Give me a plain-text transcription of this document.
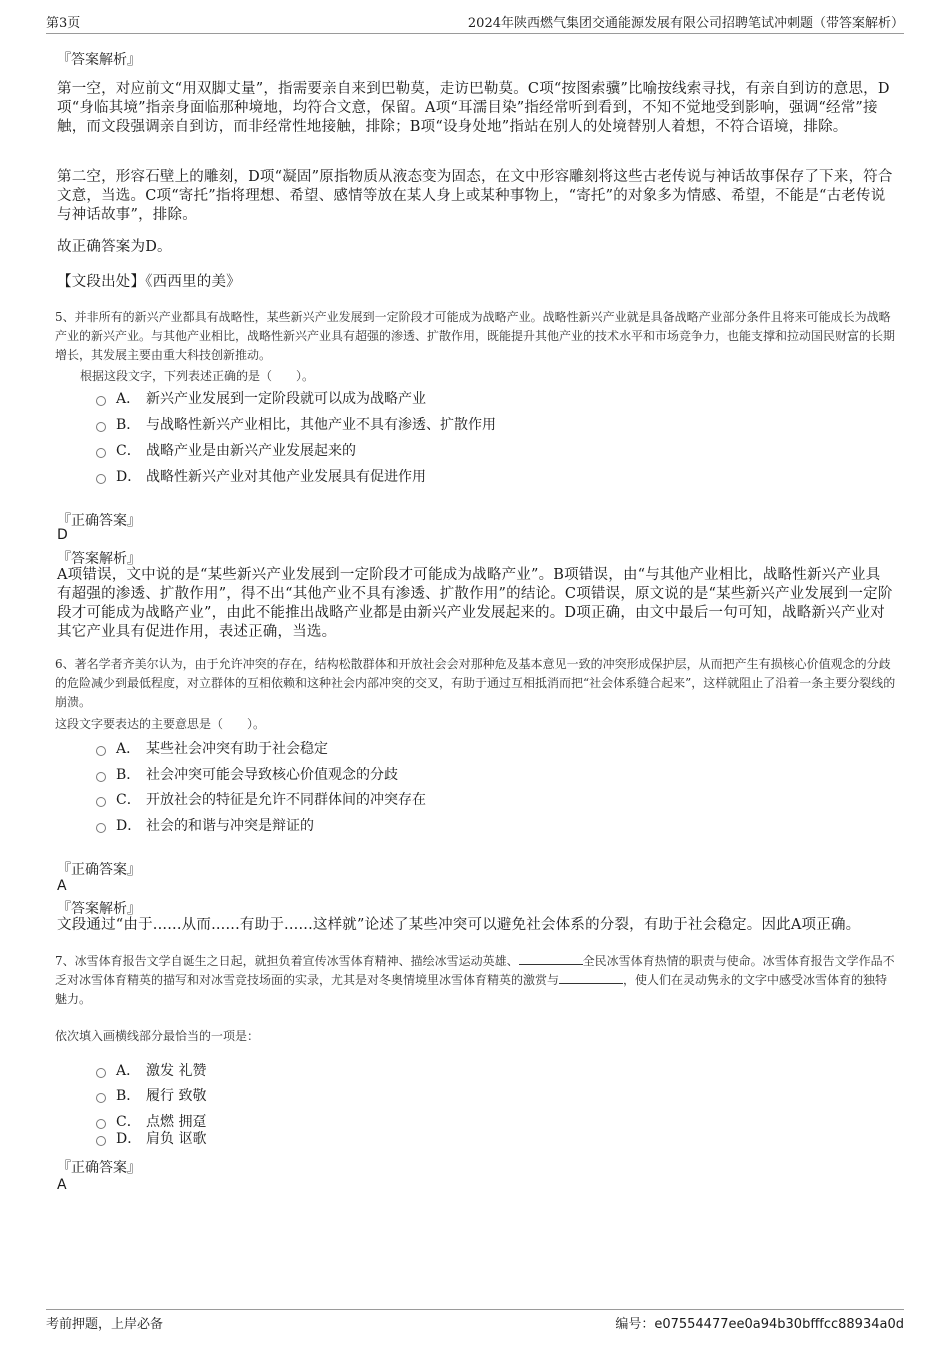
第3页	2024年陕西燃气集团交通能源发展有限公司招聘笔试冲刺题（带答案解析）
『答案解析』

第一空，对应前文“用双脚丈量”，指需要亲自来到巴勒莫，走访巴勒莫。C项“按图索骥”比喻按线索寻找，有亲自到访的意思，D项“身临其境”指亲身面临那种境地，均符合文意，保留。A项“耳濡目染”指经常听到看到，不知不觉地受到影响，强调“经常”接触，而文段强调亲自到访，而非经常性地接触，排除；B项“设身处地”指站在别人的处境替别人着想，不符合语境，排除。

第二空，形容石壁上的雕刻，D项“凝固”原指物质从液态变为固态，在文中形容雕刻将这些古老传说与神话故事保存了下来，符合文意，当选。C项“寄托”指将理想、希望、感情等放在某人身上或某种事物上，“寄托”的对象多为情感、希望，不能是“古老传说与神话故事”，排除。

故正确答案为D。

【文段出处】《西西里的美》

5、并非所有的新兴产业都具有战略性，某些新兴产业发展到一定阶段才可能成为战略产业。战略性新兴产业就是具备战略产业部分条件且将来可能成长为战略产业的新兴产业。与其他产业相比，战略性新兴产业具有超强的渗透、扩散作用，既能提升其他产业的技术水平和市场竞争力，也能支撑和拉动国民财富的长期增长，其发展主要由重大科技创新推动。

根据这段文字，下列表述正确的是（　　）。

A． 新兴产业发展到一定阶段就可以成为战略产业
B． 与战略性新兴产业相比，其他产业不具有渗透、扩散作用
C． 战略产业是由新兴产业发展起来的
D． 战略性新兴产业对其他产业发展具有促进作用
『正确答案』
D
『答案解析』

A项错误，文中说的是“某些新兴产业发展到一定阶段才可能成为战略产业”。B项错误，由“与其他产业相比，战略性新兴产业具有超强的渗透、扩散作用”，得不出“其他产业不具有渗透、扩散作用”的结论。C项错误，原文说的是“某些新兴产业发展到一定阶段才可能成为战略产业”，由此不能推出战略产业都是由新兴产业发展起来的。D项正确，由文中最后一句可知，战略新兴产业对其它产业具有促进作用，表述正确，当选。

6、著名学者齐美尔认为，由于允许冲突的存在，结构松散群体和开放社会会对那种危及基本意见一致的冲突形成保护层，从而把产生有损核心价值观念的分歧的危险减少到最低程度，对立群体的互相依赖和这种社会内部冲突的交叉，有助于通过互相抵消而把“社会体系缝合起来”，这样就阻止了沿着一条主要分裂线的崩溃。

这段文字要表达的主要意思是（　　）。

A． 某些社会冲突有助于社会稳定
B． 社会冲突可能会导致核心价值观念的分歧
C． 开放社会的特征是允许不同群体间的冲突存在
D． 社会的和谐与冲突是辩证的
『正确答案』
A
『答案解析』

文段通过“由于......从而......有助于......这样就”论述了某些冲突可以避免社会体系的分裂，有助于社会稳定。因此A项正确。

7、冰雪体育报告文学自诞生之日起，就担负着宣传冰雪体育精神、描绘冰雪运动英雄、	全民冰雪体育热情的职责与使命。冰雪体育报告文学作品不乏对冰雪体育精英的描写和对冰雪竞技场面的实录，尤其是对冬奥情境里冰雪体育精英的激赏与	，使人们在灵动隽永的文字中感受冰雪体育的独特魅力。

依次填入画横线部分最恰当的一项是：

A． 激发 礼赞
B． 履行 致敬
C． 点燃 拥趸
D． 肩负 讴歌
『正确答案』
A
考前押题，上岸必备	编号：e07554477ee0a94b30bfffcc88934a0d
